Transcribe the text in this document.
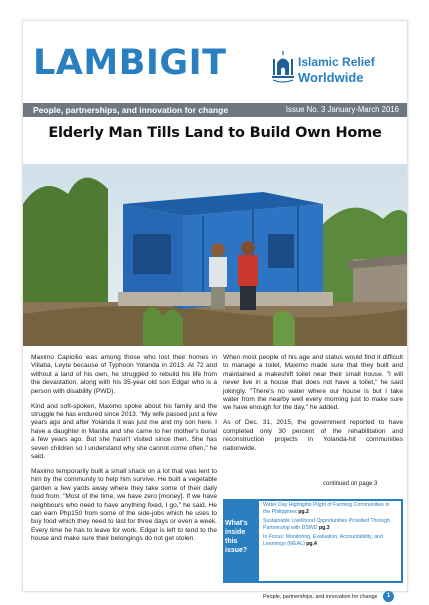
LAMBIGIT	Islamic Relief
Worldwide
People, partnerships, and innovation for change	Issue No. 3 January-March 2016
Elderly Man Tills Land to Build Own Home

Maximo Capicilio was among those who lost their homes in Villaba, Leyte because of Typhoon Yolanda in 2013. At 72 and without a land of his own, he struggled to rebuild his life from the devastation, along with his 35-year old son Edgar who is a person with disability (PWD).

Kind and soft-spoken, Maximo spoke about his family and the struggle he has endured since 2013. "My wife passed just a few years ago and after Yolanda it was just me and my son here. I have a daughter in Manila and she came to her mother's burial a few years ago. But she hasn't visited since then. She has seven children so I understand why she cannot come often," he said.

Maximo temporarily built a small shack on a lot that was lent to him by the community to help him survive. He built a vegetable garden a few yards away where they take some of their daily food from. "Most of the time, we have zero [money]. If we have neighbours who need to have anything fixed, I go," he said. He can earn Php150 from some of the side-jobs which he uses to buy food which they need to last for three days or even a week. Every time he has to leave for work, Edgar is left to tend to the house and make sure their belongings do not get stolen.

When most people of his age and status would find it difficult to manage a toilet, Maximo made sure that they built and maintained a makeshift toilet near their small house. "I will never live in a house that does not have a toilet," he said jokingly. "There's no water where our house is but I take water from the nearby well every morning just to make sure we have enough for the day," he added.

As of Dec. 31, 2015, the government reported to have completed only 30 percent of the rehabilitation and reconstruction projects in Yolanda-hit communities nationwide.

continued on page 3
What's inside this issue?
Water Day Highlights Plight of Farming Communities in the Philippines pg.2
Sustainable Livelihood Opportunities Provided Through Partnership with DSWD pg.3
In Focus: Monitoring, Evaluation, Accountability, and Learnings (MEAL) pg.4
People, partnerships, and innovation for change 1
